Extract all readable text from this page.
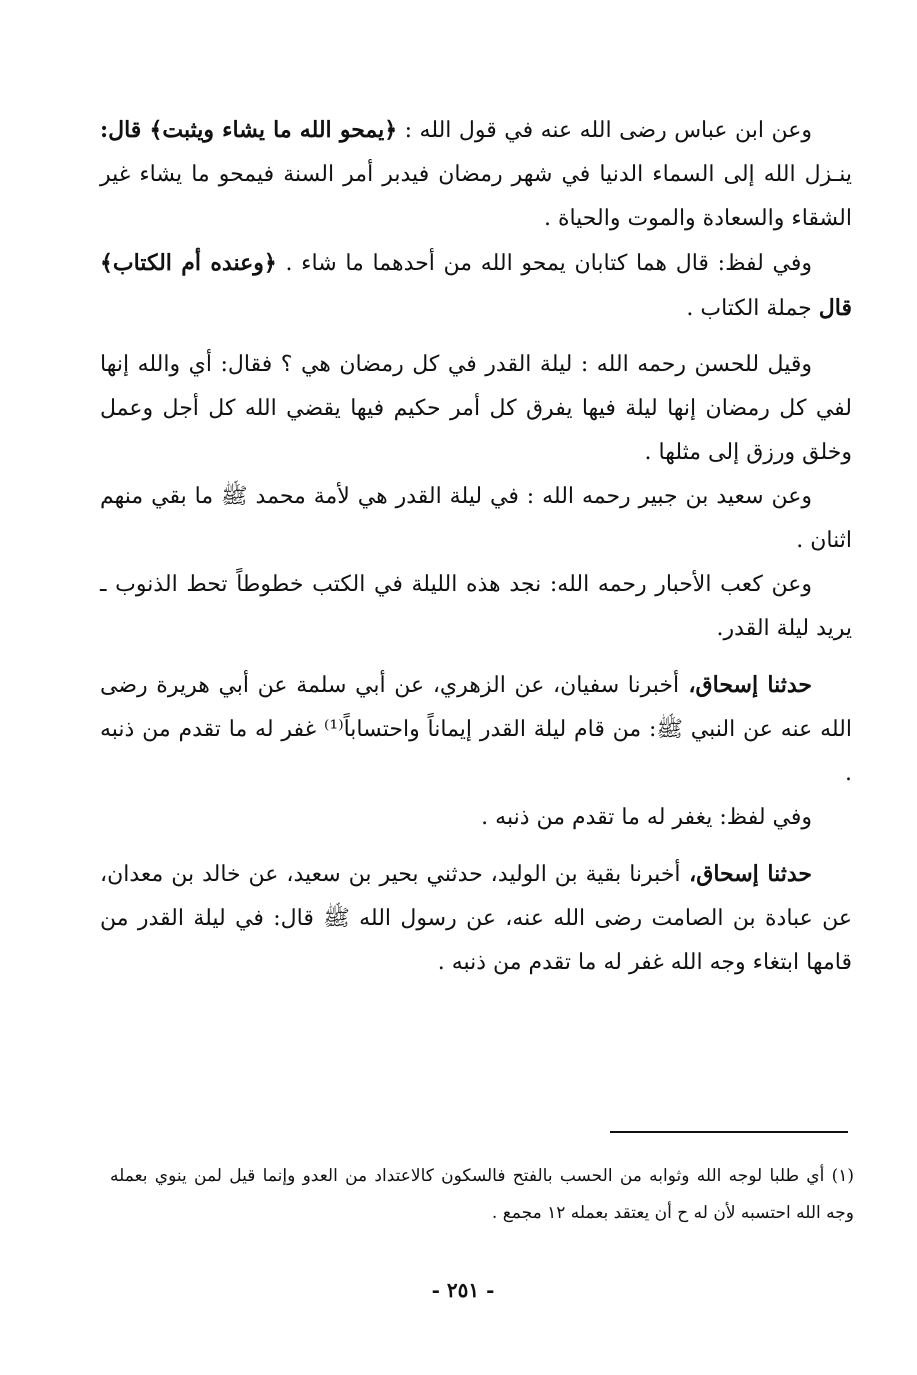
وعن ابن عباس رضى الله عنه في قول الله : ﴿يمحو الله ما يشاء ويثبت﴾ قال: ينـزل الله إلى السماء الدنيا في شهر رمضان فيدبر أمر السنة فيمحو ما يشاء غير الشقاء والسعادة والموت والحياة .

وفي لفظ: قال هما كتابان يمحو الله من أحدهما ما شاء . ﴿وعنده أم الكتاب﴾ قال جملة الكتاب .

وقيل للحسن رحمه الله : ليلة القدر في كل رمضان هي ؟ فقال: أي والله إنها لفي كل رمضان إنها ليلة فيها يفرق كل أمر حكيم فيها يقضي الله كل أجل وعمل وخلق ورزق إلى مثلها .

وعن سعيد بن جبير رحمه الله : في ليلة القدر هي لأمة محمد ﷺ ما بقي منهم اثنان .

وعن كعب الأحبار رحمه الله: نجد هذه الليلة في الكتب خطوطاً تحط الذنوب ـ يريد ليلة القدر.

حدثنا إسحاق، أخبرنا سفيان، عن الزهري، عن أبي سلمة عن أبي هريرة رضى الله عنه عن النبي ﷺ: من قام ليلة القدر إيماناً واحتساباً⁽¹⁾ غفر له ما تقدم من ذنبه .

وفي لفظ: يغفر له ما تقدم من ذنبه .

حدثنا إسحاق، أخبرنا بقية بن الوليد، حدثني بحير بن سعيد، عن خالد بن معدان، عن عبادة بن الصامت رضى الله عنه، عن رسول الله ﷺ قال: في ليلة القدر من قامها ابتغاء وجه الله غفر له ما تقدم من ذنبه .

(١) أي طلبا لوجه الله وثوابه من الحسب بالفتح فالسكون كالاعتداد من العدو وإنما قيل لمن ينوي بعمله وجه الله احتسبه لأن له ح أن يعتقد بعمله ١٢ مجمع .

- ٢٥١ -
